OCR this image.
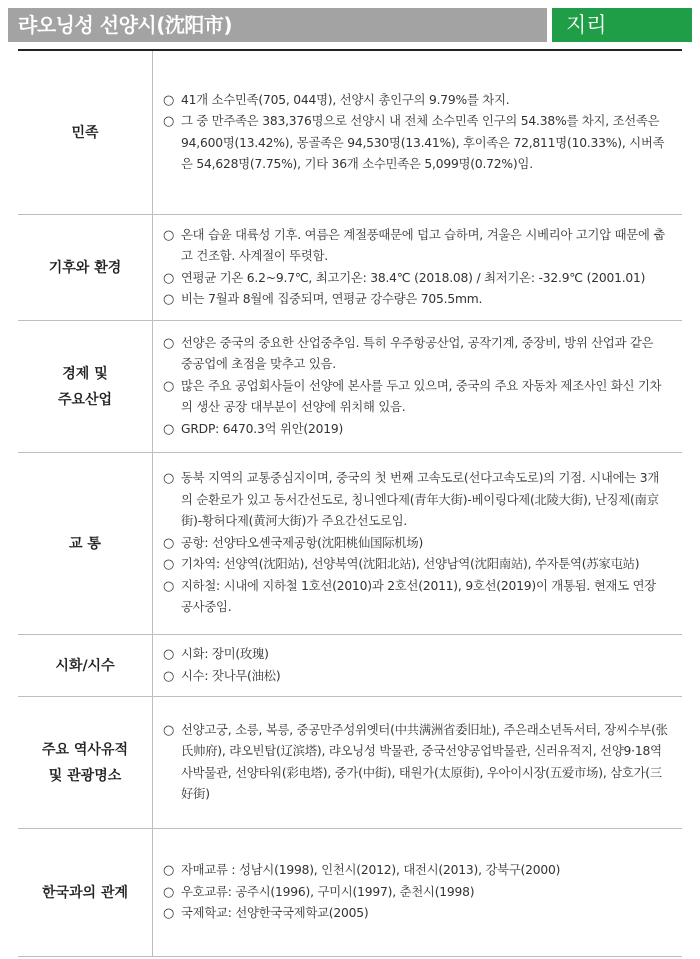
랴오닝성 선양시(沈阳市)	지리
민족
○ 41개 소수민족(705, 044명), 선양시 총인구의 9.79%를 차지.
○ 그 중 만주족은 383,376명으로 선양시 내 전체 소수민족 인구의 54.38%를 차지, 조선족은 94,600명(13.42%), 몽골족은 94,530명(13.41%), 후이족은 72,811명(10.33%), 시버족은 54,628명(7.75%), 기타 36개 소수민족은 5,099명(0.72%)임.
기후와 환경
○ 온대 습윤 대륙성 기후. 여름은 계절풍때문에 덥고 습하며, 겨울은 시베리아 고기압 때문에 춥고 건조함. 사계절이 뚜렷함.
○ 연평균 기온 6.2~9.7℃, 최고기온: 38.4℃ (2018.08) / 최저기온: -32.9℃ (2001.01)
○ 비는 7월과 8월에 집중되며, 연평균 강수량은 705.5mm.
경제 및
주요산업
○ 선양은 중국의 중요한 산업중추임. 특히 우주항공산업, 공작기계, 중장비, 방위 산업과 같은 중공업에 초점을 맞추고 있음.
○ 많은 주요 공업회사들이 선양에 본사를 두고 있으며, 중국의 주요 자동차 제조사인 화신 기차의 생산 공장 대부분이 선양에 위치해 있음.
○ GRDP: 6470.3억 위안(2019)
교 통
○ 동북 지역의 교통중심지이며, 중국의 첫 번째 고속도로(선다고속도로)의 기점. 시내에는 3개의 순환로가 있고 동서간선도로, 칭니엔다제(青年大街)-베이링다제(北陵大街), 난징제(南京街)-황허다제(黄河大街)가 주요간선도로임.
○ 공항: 선양타오셴국제공항(沈阳桃仙国际机场)
○ 기차역: 선양역(沈阳站), 선양북역(沈阳北站), 선양남역(沈阳南站), 쑤자툰역(苏家屯站)
○ 지하철: 시내에 지하철 1호선(2010)과 2호선(2011), 9호선(2019)이 개통됨. 현재도 연장 공사중임.
시화/시수
○ 시화: 장미(玫瑰)
○ 시수: 잣나무(油松)
주요 역사유적
및 관광명소
○ 선양고궁, 소릉, 복릉, 중공만주성위옛터(中共满洲省委旧址), 주은래소년독서터, 장씨수부(张氏帅府), 랴오빈탑(辽滨塔), 랴오닝성 박물관, 중국선양공업박물관, 신러유적지, 선양9·18역사박물관, 선양타워(彩电塔), 중가(中街), 태원가(太原街), 우아이시장(五爱市场), 삼호가(三好街)
한국과의 관계
○ 자매교류 : 성남시(1998), 인천시(2012), 대전시(2013), 강북구(2000)
○ 우호교류: 공주시(1996), 구미시(1997), 춘천시(1998)
○ 국제학교: 선양한국국제학교(2005)
